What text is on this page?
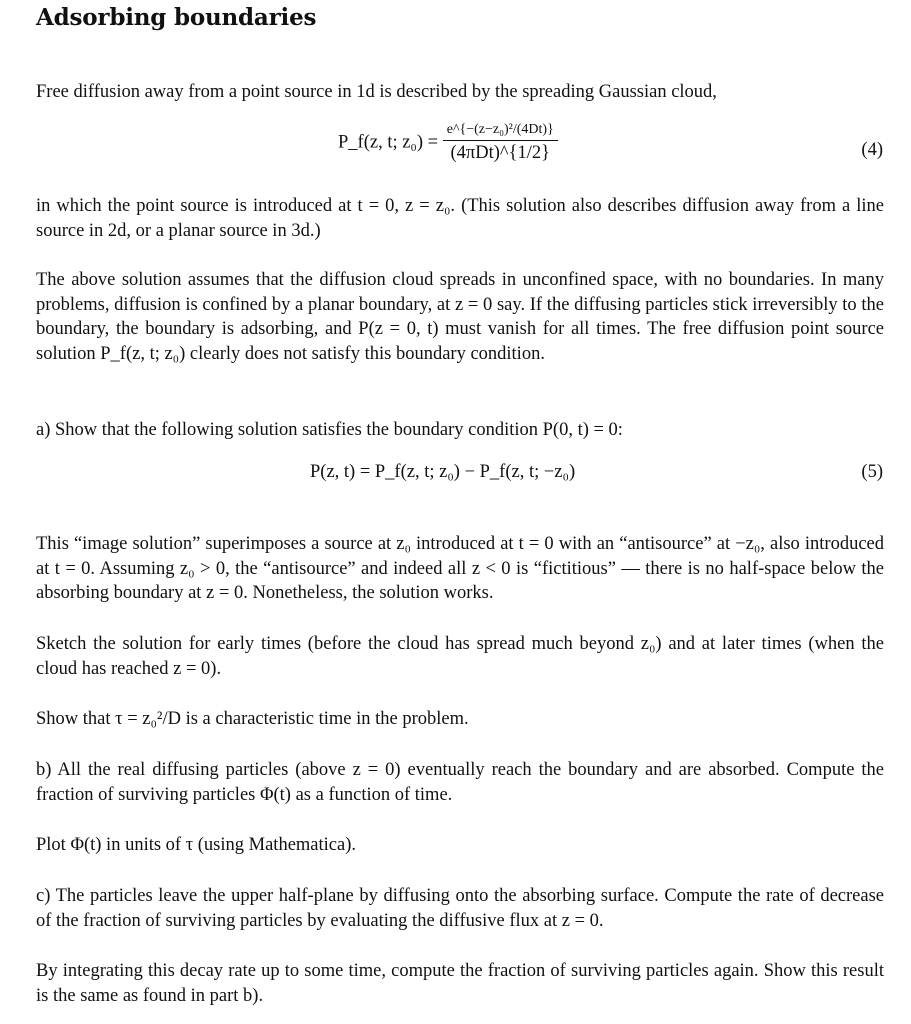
Adsorbing boundaries

Free diffusion away from a point source in 1d is described by the spreading Gaussian cloud,

P_f(z, t; $z_0) = \frac{\text{e\textasciicircum{}\{−(z−z₀)²/(4Dt)\}}}{\text{(4πDt)\textasciicircum{}\{1/2\}}}$	(4)

in which the point source is introduced at t = 0, z = z₀. (This solution also describes diffusion away from a line source in 2d, or a planar source in 3d.)

The above solution assumes that the diffusion cloud spreads in unconfined space, with no boundaries. In many problems, diffusion is confined by a planar boundary, at z = 0 say. If the diffusing particles stick irreversibly to the boundary, the boundary is adsorbing, and P(z = 0, t) must vanish for all times. The free diffusion point source solution P_f(z, t; z₀) clearly does not satisfy this boundary condition.

a) Show that the following solution satisfies the boundary condition P(0, t) = 0:

P(z, t) = P_f(z, t; z₀) − P_f(z, t; −z₀)	(5)

This “image solution” superimposes a source at z₀ introduced at t = 0 with an “antisource” at −z₀, also introduced at t = 0. Assuming z₀ > 0, the “antisource” and indeed all z < 0 is “fictitious” — there is no half-space below the absorbing boundary at z = 0. Nonetheless, the solution works.

Sketch the solution for early times (before the cloud has spread much beyond z₀) and at later times (when the cloud has reached z = 0).

Show that τ = z₀²/D is a characteristic time in the problem.

b) All the real diffusing particles (above z = 0) eventually reach the boundary and are absorbed. Compute the fraction of surviving particles Φ(t) as a function of time.

Plot Φ(t) in units of τ (using Mathematica).

c) The particles leave the upper half-plane by diffusing onto the absorbing surface. Compute the rate of decrease of the fraction of surviving particles by evaluating the diffusive flux at z = 0.

By integrating this decay rate up to some time, compute the fraction of surviving particles again. Show this result is the same as found in part b).
